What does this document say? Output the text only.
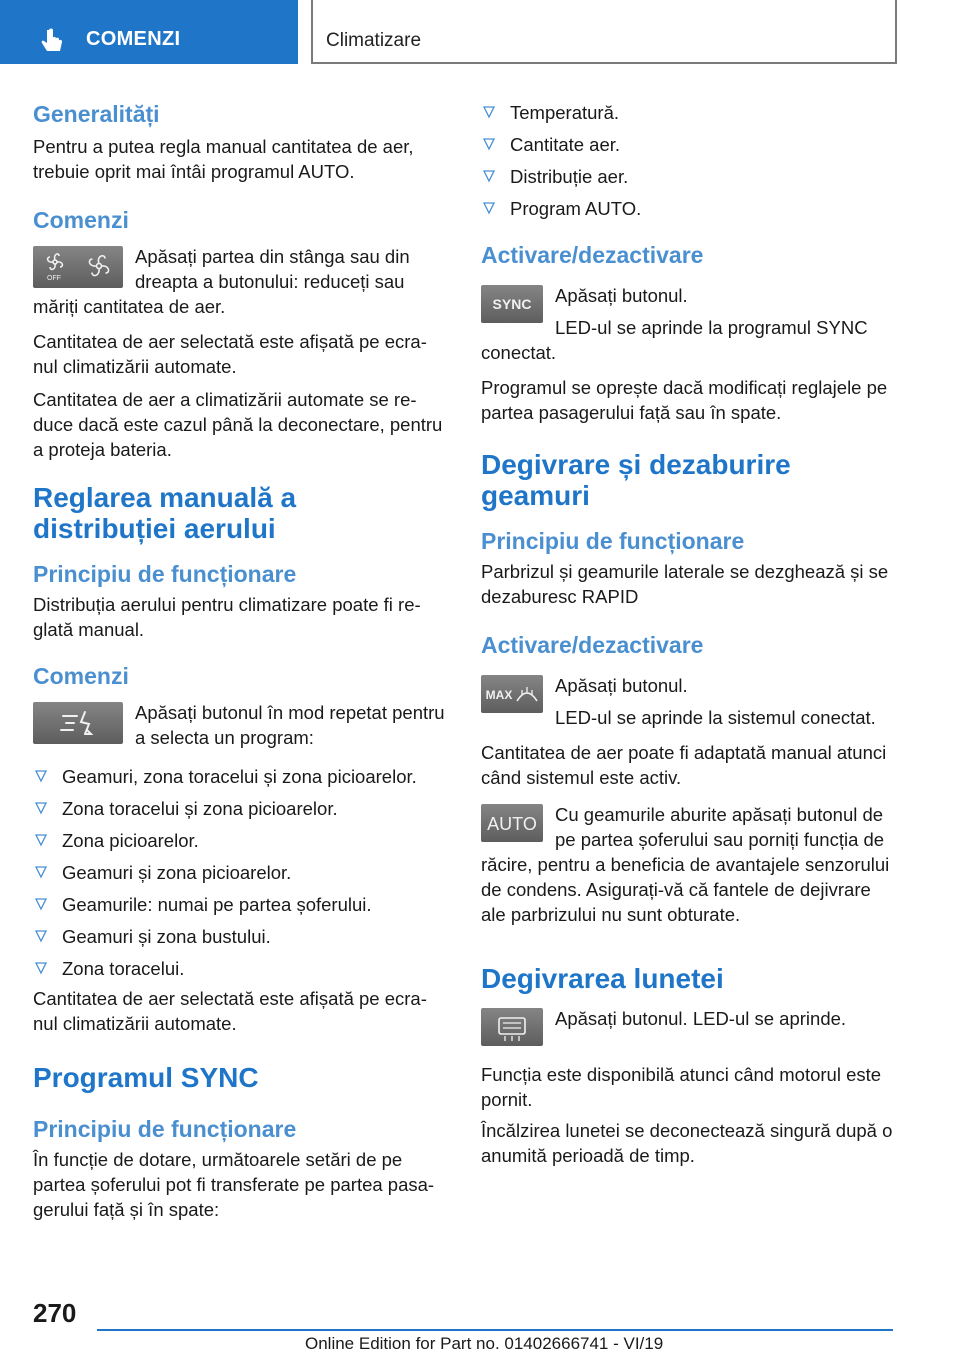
COMENZI	Climatizare
Generalități

Pentru a putea regla manual cantitatea de aer, trebuie oprit mai întâi programul AUTO.

Comenzi
OFF

Apăsați partea din stânga sau din dreapta a butonului: reduceți sau măriți cantitatea de aer.

Cantitatea de aer selectată este afișată pe ecranul climatizării automate.

Cantitatea de aer a climatizării automate se reduce dacă este cazul până la deconectare, pentru a proteja bateria.

Reglarea manuală a distribuției aerului
Principiu de funcționare

Distribuția aerului pentru climatizare poate fi reglată manual.

Comenzi

Apăsați butonul în mod repetat pentru a selecta un program:

Geamuri, zona toracelui și zona picioarelor.
Zona toracelui și zona picioarelor.
Zona picioarelor.
Geamuri și zona picioarelor.
Geamurile: numai pe partea șoferului.
Geamuri și zona bustului.
Zona toracelui.

Cantitatea de aer selectată este afișată pe ecranul climatizării automate.

Programul SYNC
Principiu de funcționare

În funcție de dotare, următoarele setări de pe partea șoferului pot fi transferate pe partea pasagerului față și în spate:

Temperatură.
Cantitate aer.
Distribuție aer.
Program AUTO.
Activare/dezactivare
SYNC	Apăsați butonul.

LED-ul se aprinde la programul SYNC conectat.

Programul se oprește dacă modificați reglajele pe partea pasagerului față sau în spate.

Degivrare și dezaburire geamuri
Principiu de funcționare

Parbrizul și geamurile laterale se dezghează și se dezaburesc RAPID

Activare/dezactivare
MAX	Apăsați butonul.

LED-ul se aprinde la sistemul conectat.

Cantitatea de aer poate fi adaptată manual atunci când sistemul este activ.

AUTO Cu geamurile aburite apăsați butonul de pe partea șoferului sau porniți funcția de răcire, pentru a beneficia de avantajele senzorului de condens. Asigurați-vă că fantele de dejivrare ale parbrizului nu sunt obturate.

Degivrarea lunetei

Apăsați butonul. LED-ul se aprinde.

Funcția este disponibilă atunci când motorul este pornit.

Încălzirea lunetei se deconectează singură după o anumită perioadă de timp.

270
Online Edition for Part no. 01402666741 - VI/19
